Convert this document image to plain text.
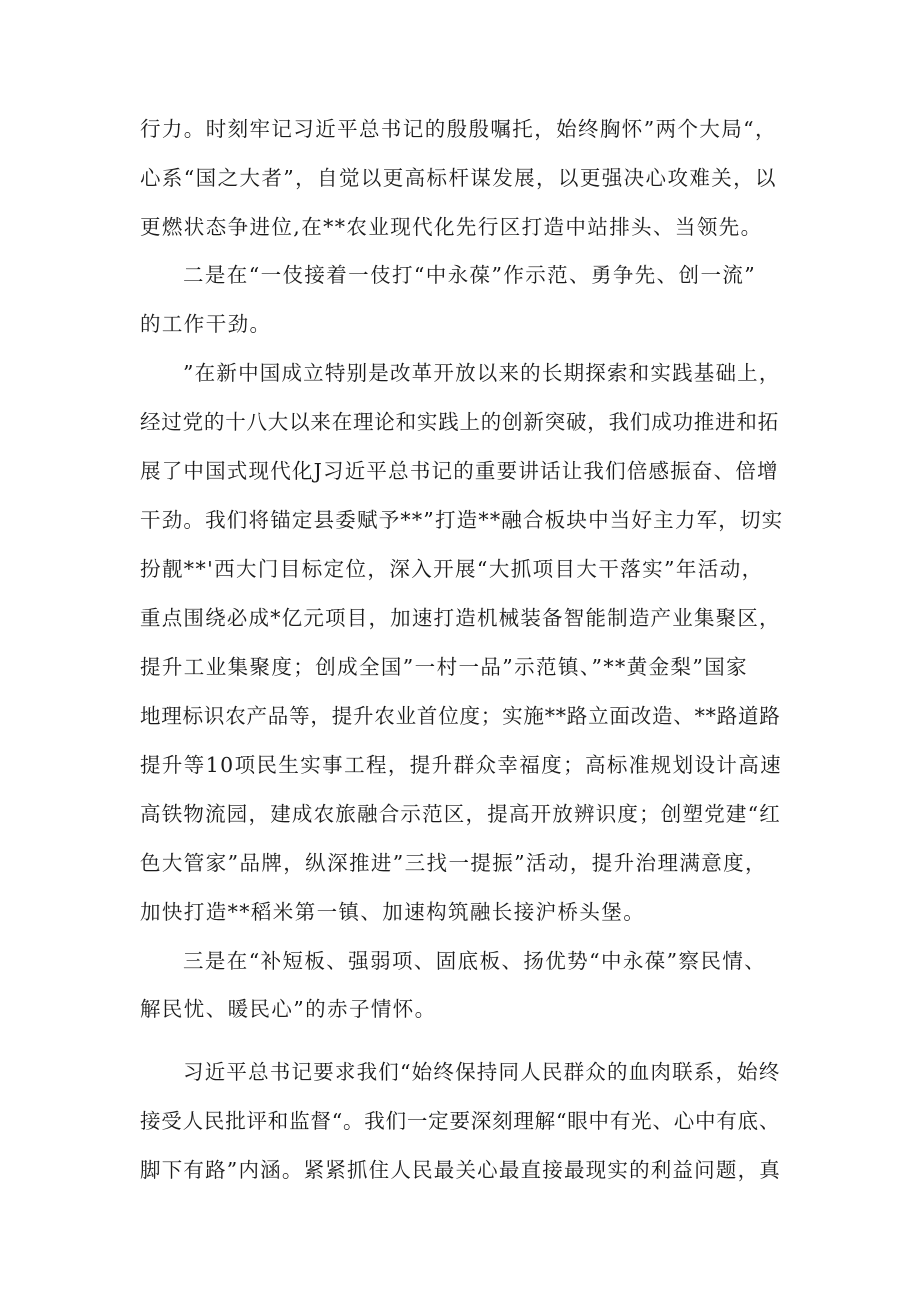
行力。时刻牢记习近平总书记的殷殷嘱托，始终胸怀”两个大局“，
心系“国之大者”，自觉以更高标杆谋发展，以更强决心攻难关，以
更燃状态争进位,在**农业现代化先行区打造中站排头、当领先。
二是在“一伎接着一伎打“中永葆”作示范、勇争先、创一流”
的工作干劲。
”在新中国成立特别是改革开放以来的长期探索和实践基础上，
经过党的十八大以来在理论和实践上的创新突破，我们成功推进和拓
展了中国式现代化J习近平总书记的重要讲话让我们倍感振奋、倍增
干劲。我们将锚定县委赋予**”打造**融合板块中当好主力军，切实
扮靓**'西大门目标定位，深入开展“大抓项目大干落实”年活动，
重点围绕必成*亿元项目，加速打造机械装备智能制造产业集聚区，
提升工业集聚度；创成全国”一村一品”示范镇、”**黄金梨”国家
地理标识农产品等，提升农业首位度；实施**路立面改造、**路道路
提升等10项民生实事工程，提升群众幸福度；高标准规划设计高速
高铁物流园，建成农旅融合示范区，提高开放辨识度；创塑党建“红
色大管家”品牌，纵深推进”三找一提振”活动，提升治理满意度，
加快打造**稻米第一镇、加速构筑融长接沪桥头堡。
三是在“补短板、强弱项、固底板、扬优势“中永葆”察民情、
解民忧、暖民心”的赤子情怀。
习近平总书记要求我们“始终保持同人民群众的血肉联系，始终
接受人民批评和监督“。我们一定要深刻理解“眼中有光、心中有底、
脚下有路”内涵。紧紧抓住人民最关心最直接最现实的利益问题，真
